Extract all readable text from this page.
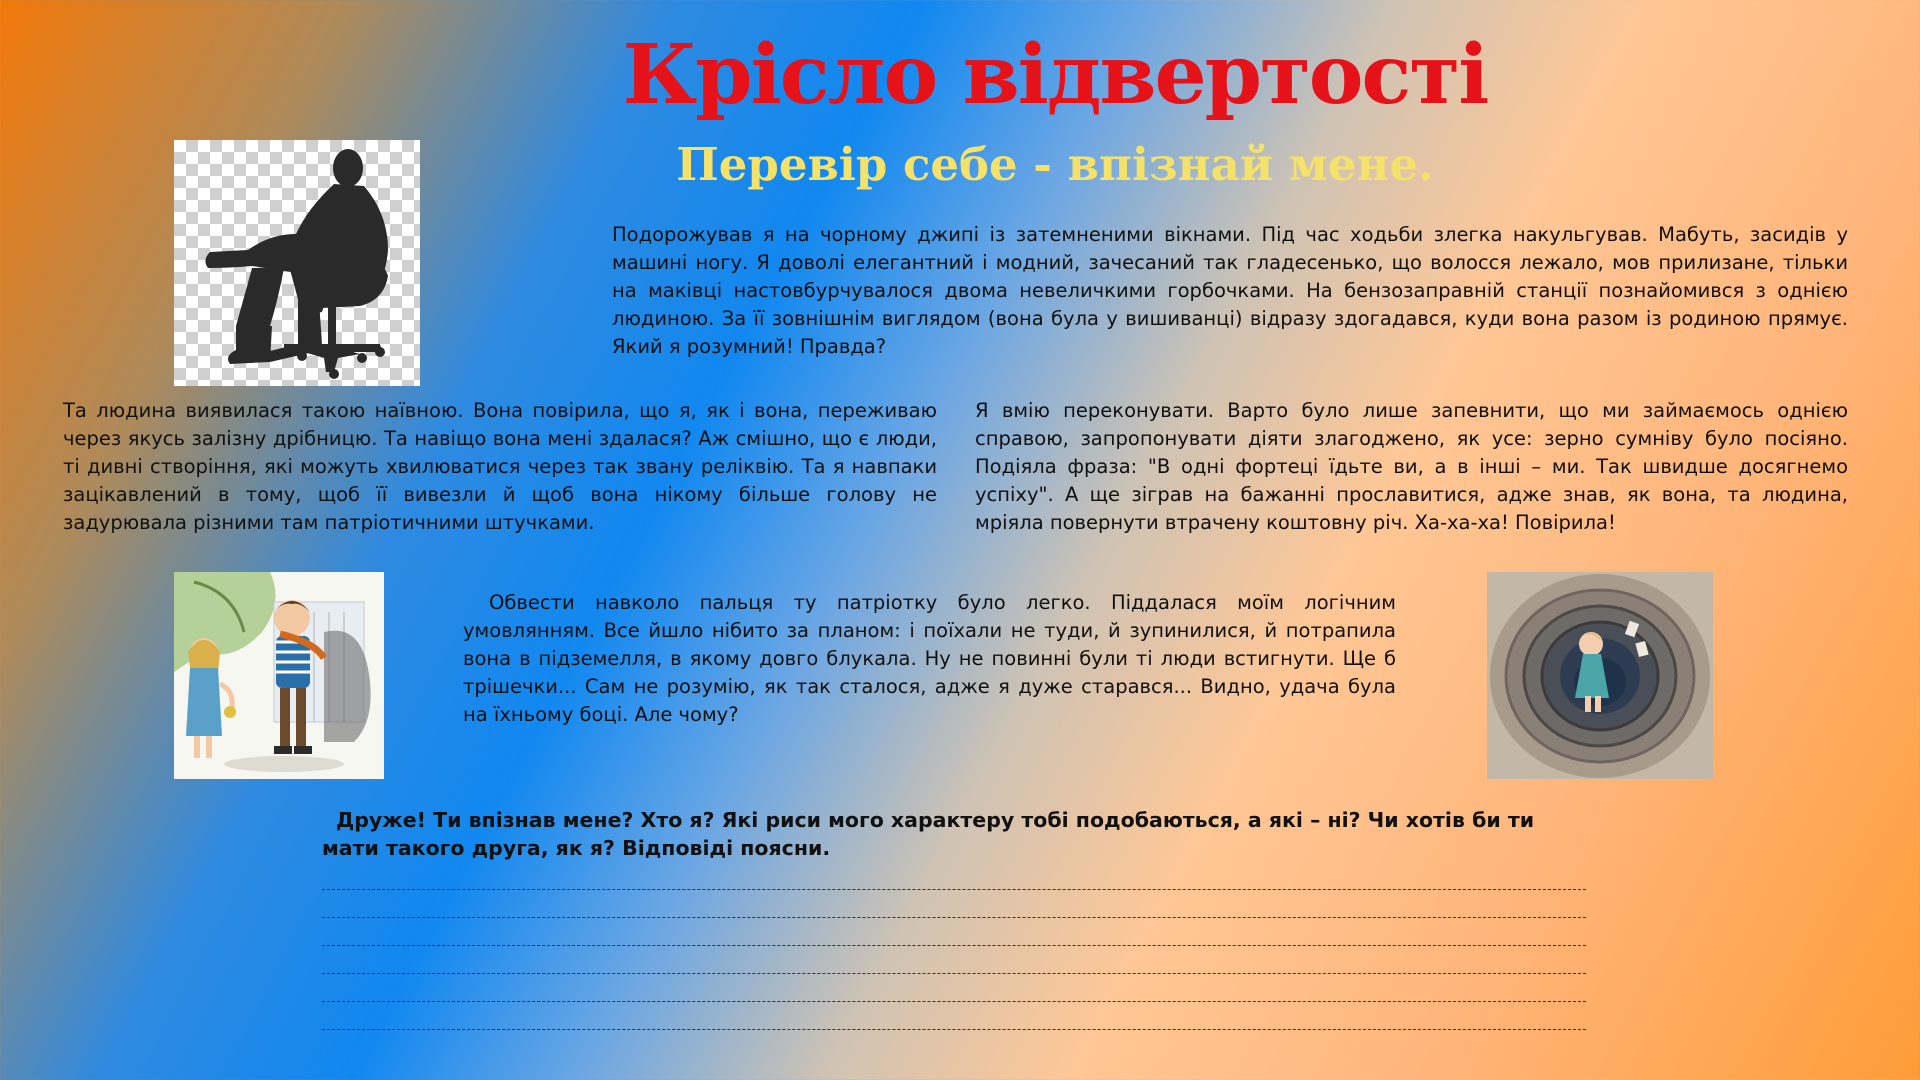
Крісло відвертості
Перевір себе - впізнай мене.

Подорожував я на чорному джипі із затемненими вікнами. Під час ходьби злегка накульгував. Мабуть, засидів у машині ногу. Я доволі елегантний і модний, зачесаний так гладесенько, що волосся лежало, мов прилизане, тільки на маківці настовбурчувалося двома невеличкими горбочками. На бензозаправній станції познайомився з однією людиною. За її зовнішнім виглядом (вона була у вишиванці) відразу здогадався, куди вона разом із родиною прямує. Який я розумний! Правда?

Та людина виявилася такою наївною. Вона повірила, що я, як і вона, переживаю через якусь залізну дрібницю. Та навіщо вона мені здалася? Аж смішно, що є люди, ті дивні створіння, які можуть хвилюватися через так звану реліквію. Та я навпаки зацікавлений в тому, щоб її вивезли й щоб вона нікому більше голову не задурювала різними там патріотичними штучками.

Я вмію переконувати. Варто було лише запевнити, що ми займаємось однією справою, запропонувати діяти злагоджено, як усе: зерно сумніву було посіяно. Подіяла фраза: "В одні фортеці їдьте ви, а в інші – ми. Так швидше досягнемо успіху". А ще зіграв на бажанні прославитися, адже знав, як вона, та людина, мріяла повернути втрачену коштовну річ. Ха-ха-ха! Повірила!

Обвести навколо пальця ту патріотку було легко. Піддалася моїм логічним умовлянням. Все йшло нібито за планом: і поїхали не туди, й зупинилися, й потрапила вона в підземелля, в якому довго блукала. Ну не повинні були ті люди встигнути. Ще б трішечки... Сам не розумію, як так сталося, адже я дуже старався... Видно, удача була на їхньому боці. Але чому?

Друже! Ти впізнав мене? Хто я? Які риси мого характеру тобі подобаються, а які – ні? Чи хотів би ти мати такого друга, як я? Відповіді поясни.
